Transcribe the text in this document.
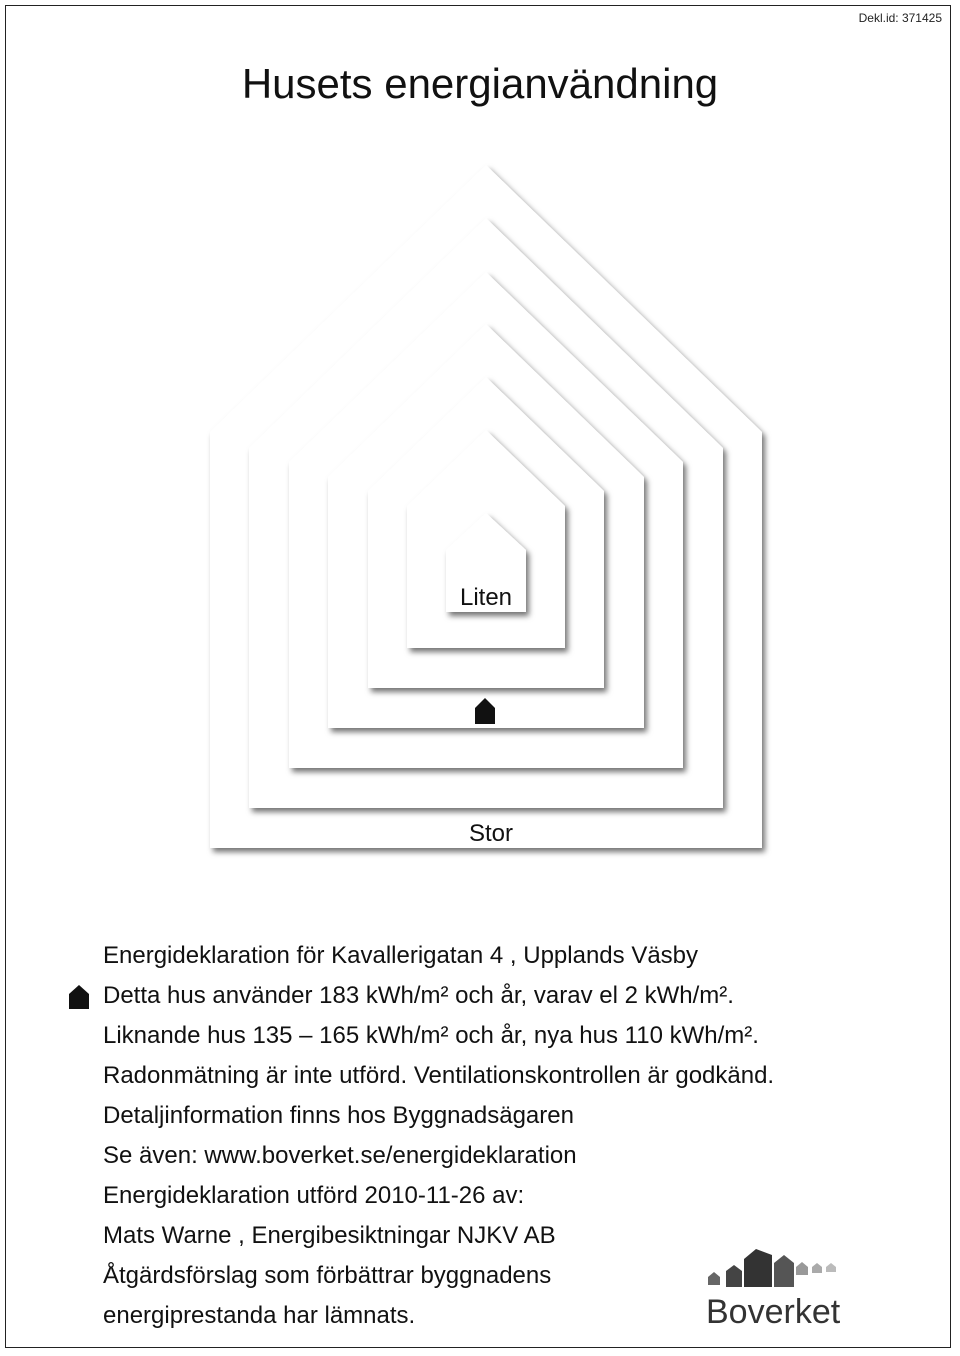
Dekl.id: 371425
Husets energianvändning
Liten
Stor
Energideklaration för Kavallerigatan 4 , Upplands Väsby
Detta hus använder 183 kWh/m² och år, varav el 2 kWh/m².
Liknande hus 135 – 165 kWh/m² och år, nya hus 110 kWh/m².
Radonmätning är inte utförd. Ventilationskontrollen är godkänd.
Detaljinformation finns hos Byggnadsägaren
Se även: www.boverket.se/energideklaration
Energideklaration utförd 2010-11-26 av:
Mats Warne , Energibesiktningar NJKV AB
Åtgärdsförslag som förbättrar byggnadens
energiprestanda har lämnats.	Boverket
